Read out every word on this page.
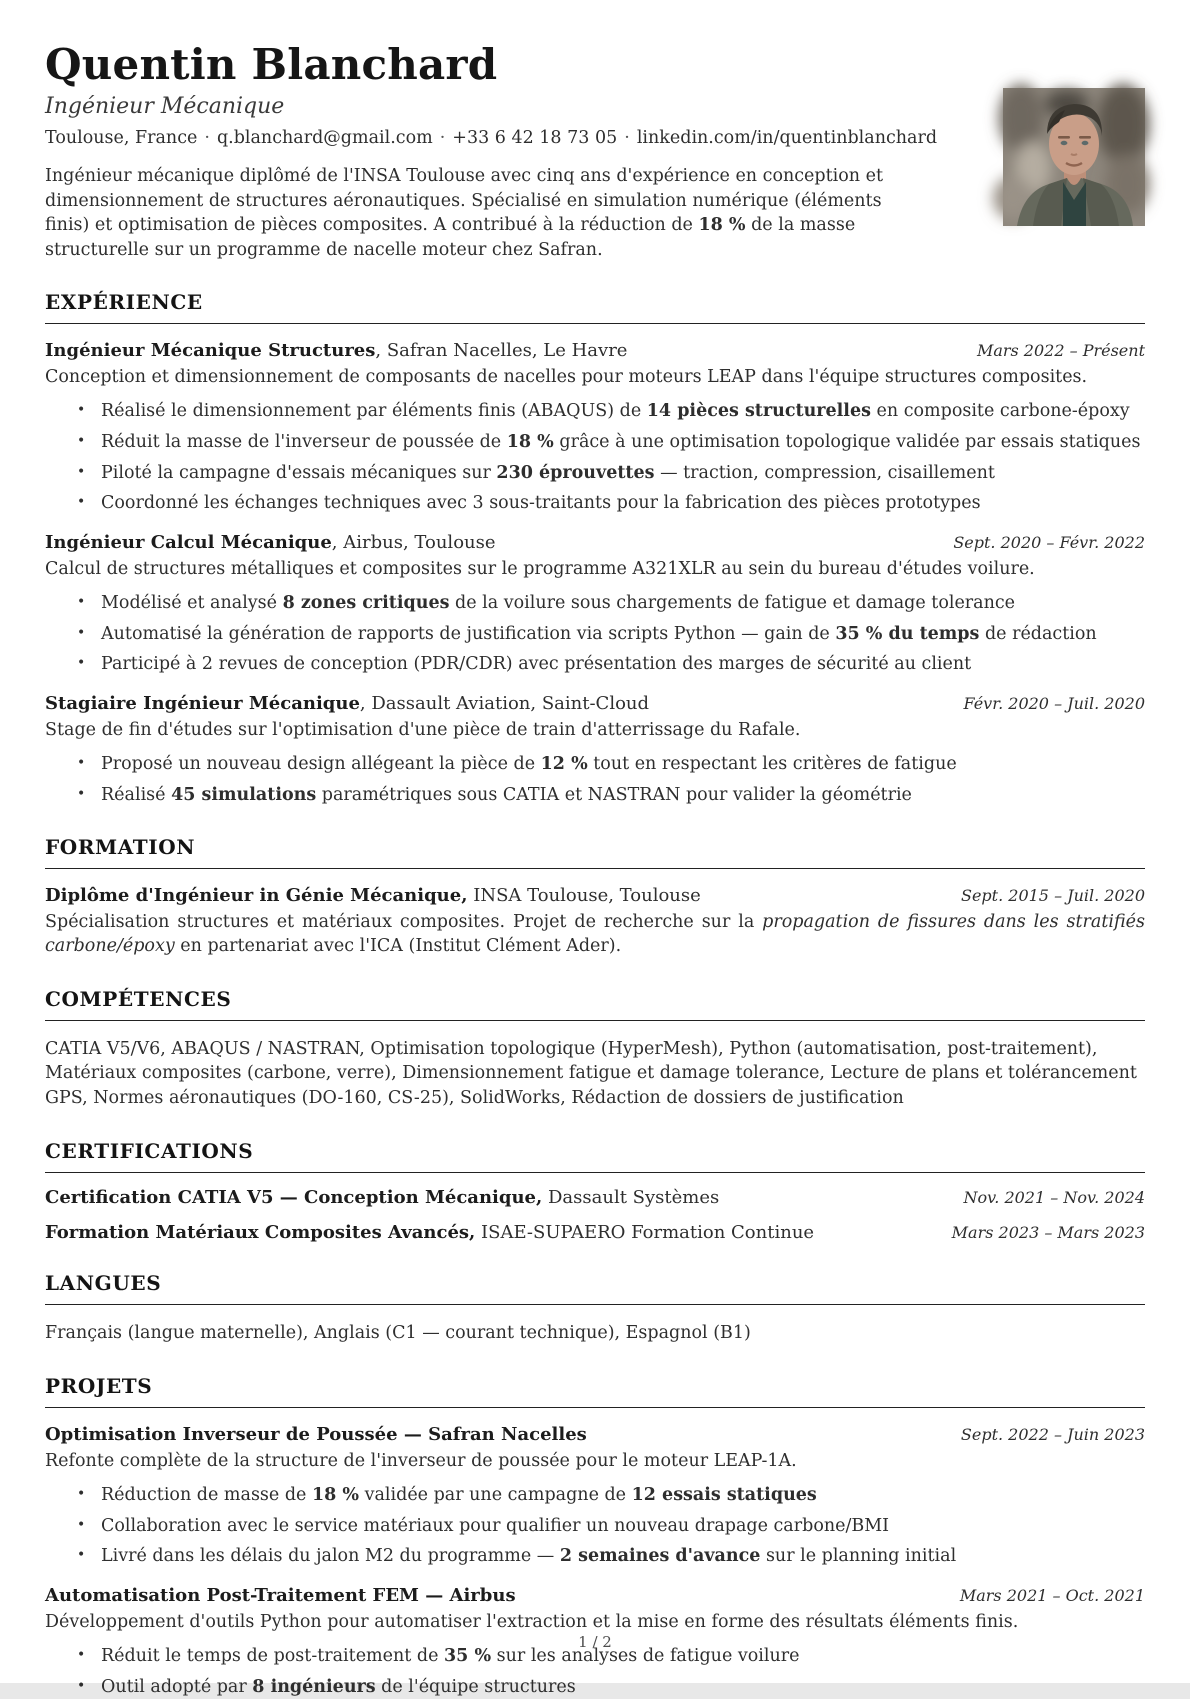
Quentin Blanchard

Ingénieur Mécanique

Toulouse, France · q.blanchard@gmail.com · +33 6 42 18 73 05 · linkedin.com/in/quentinblanchard

Ingénieur mécanique diplômé de l'INSA Toulouse avec cinq ans d'expérience en conception et dimensionnement de structures aéronautiques. Spécialisé en simulation numérique (éléments finis) et optimisation de pièces composites. A contribué à la réduction de 18 % de la masse structurelle sur un programme de nacelle moteur chez Safran.

EXPÉRIENCE

Ingénieur Mécanique Structures, Safran Nacelles, Le Havre	Mars 2022 – Présent

Conception et dimensionnement de composants de nacelles pour moteurs LEAP dans l'équipe structures composites.

• Réalisé le dimensionnement par éléments finis (ABAQUS) de 14 pièces structurelles en composite carbone-époxy
• Réduit la masse de l'inverseur de poussée de 18 % grâce à une optimisation topologique validée par essais statiques
• Piloté la campagne d'essais mécaniques sur 230 éprouvettes — traction, compression, cisaillement
• Coordonné les échanges techniques avec 3 sous-traitants pour la fabrication des pièces prototypes

Ingénieur Calcul Mécanique, Airbus, Toulouse	Sept. 2020 – Févr. 2022

Calcul de structures métalliques et composites sur le programme A321XLR au sein du bureau d'études voilure.

• Modélisé et analysé 8 zones critiques de la voilure sous chargements de fatigue et damage tolerance
• Automatisé la génération de rapports de justification via scripts Python — gain de 35 % du temps de rédaction
• Participé à 2 revues de conception (PDR/CDR) avec présentation des marges de sécurité au client

Stagiaire Ingénieur Mécanique, Dassault Aviation, Saint-Cloud	Févr. 2020 – Juil. 2020

Stage de fin d'études sur l'optimisation d'une pièce de train d'atterrissage du Rafale.

• Proposé un nouveau design allégeant la pièce de 12 % tout en respectant les critères de fatigue
• Réalisé 45 simulations paramétriques sous CATIA et NASTRAN pour valider la géométrie
FORMATION

Diplôme d'Ingénieur in Génie Mécanique, INSA Toulouse, Toulouse	Sept. 2015 – Juil. 2020

Spécialisation structures et matériaux composites. Projet de recherche sur la propagation de fissures dans les stratifiés carbone/époxy en partenariat avec l'ICA (Institut Clément Ader).

COMPÉTENCES

CATIA V5/V6, ABAQUS / NASTRAN, Optimisation topologique (HyperMesh), Python (automatisation, post-traitement), Matériaux composites (carbone, verre), Dimensionnement fatigue et damage tolerance, Lecture de plans et tolérancement GPS, Normes aéronautiques (DO-160, CS-25), SolidWorks, Rédaction de dossiers de justification

CERTIFICATIONS

Certification CATIA V5 — Conception Mécanique, Dassault Systèmes	Nov. 2021 – Nov. 2024

Formation Matériaux Composites Avancés, ISAE-SUPAERO Formation Continue	Mars 2023 – Mars 2023
LANGUES

Français (langue maternelle), Anglais (C1 — courant technique), Espagnol (B1)

PROJETS

Optimisation Inverseur de Poussée — Safran Nacelles	Sept. 2022 – Juin 2023

Refonte complète de la structure de l'inverseur de poussée pour le moteur LEAP-1A.

• Réduction de masse de 18 % validée par une campagne de 12 essais statiques
• Collaboration avec le service matériaux pour qualifier un nouveau drapage carbone/BMI
• Livré dans les délais du jalon M2 du programme — 2 semaines d'avance sur le planning initial

Automatisation Post-Traitement FEM — Airbus	Mars 2021 – Oct. 2021

Développement d'outils Python pour automatiser l'extraction et la mise en forme des résultats éléments finis.

• Réduit le temps de post-traitement de 35 % sur les analyses de fatigue voilure
• Outil adopté par 8 ingénieurs de l'équipe structures
1 / 2
